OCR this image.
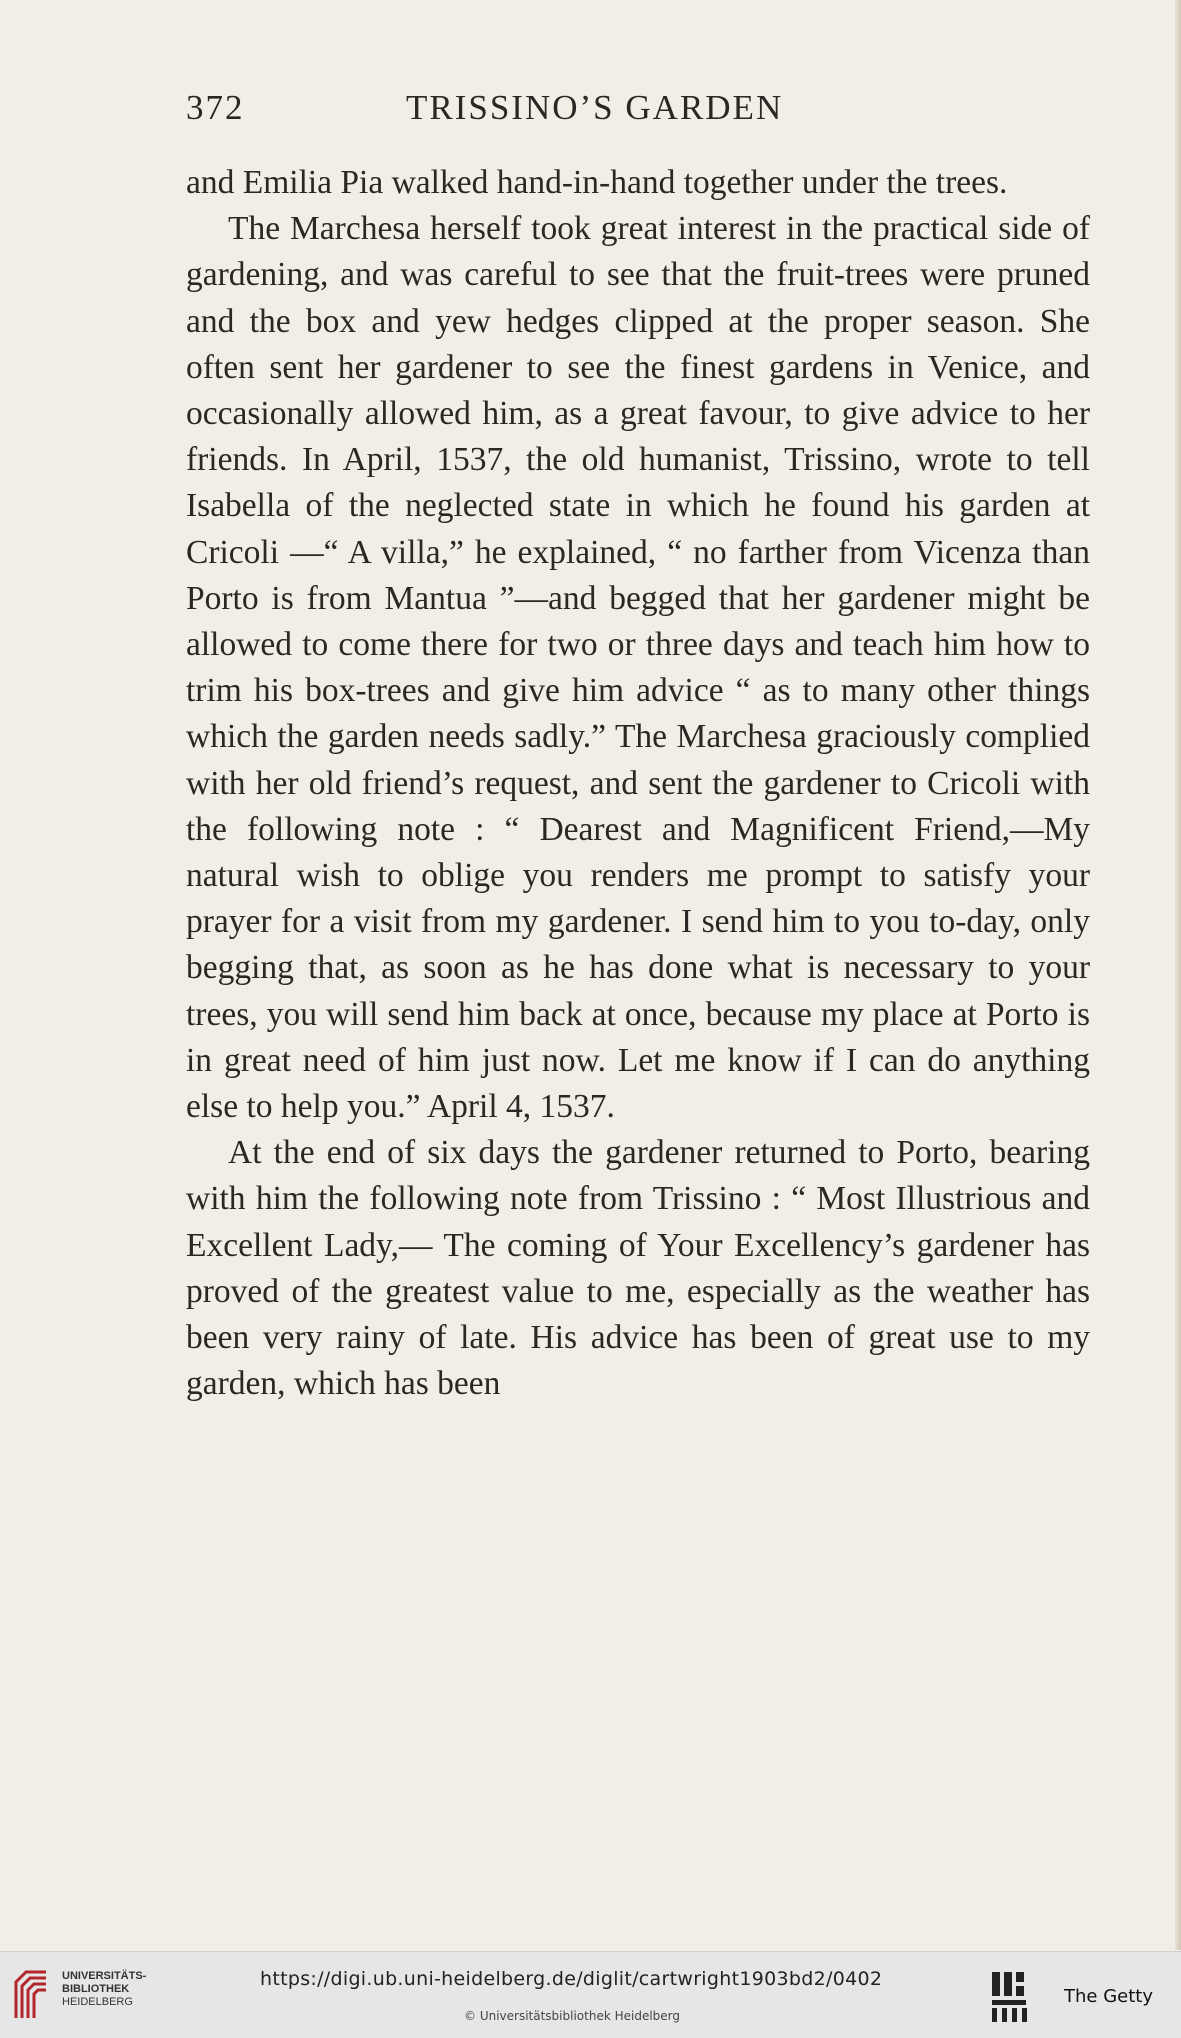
372	TRISSINO’S GARDEN

and Emilia Pia walked hand-in-hand together under the trees.

The Marchesa herself took great interest in the practical side of gardening, and was careful to see that the fruit-trees were pruned and the box and yew hedges clipped at the proper season. She often sent her gardener to see the finest gardens in Venice, and occasionally allowed him, as a great favour, to give advice to her friends. In April, 1537, the old humanist, Trissino, wrote to tell Isabella of the neglected state in which he found his garden at Cricoli —“ A villa,” he explained, “ no farther from Vicenza than Porto is from Mantua ”—and begged that her gardener might be allowed to come there for two or three days and teach him how to trim his box-trees and give him advice “ as to many other things which the garden needs sadly.” The Marchesa graciously complied with her old friend’s request, and sent the gardener to Cricoli with the following note : “ Dearest and Magnificent Friend,—My natural wish to oblige you renders me prompt to satisfy your prayer for a visit from my gardener. I send him to you to-day, only begging that, as soon as he has done what is necessary to your trees, you will send him back at once, because my place at Porto is in great need of him just now. Let me know if I can do anything else to help you.” April 4, 1537.

At the end of six days the gardener returned to Porto, bearing with him the following note from Trissino : “ Most Illustrious and Excellent Lady,— The coming of Your Excellency’s gardener has proved of the greatest value to me, especially as the weather has been very rainy of late. His advice has been of great use to my garden, which has been

UNIVERSITÄTS-
BIBLIOTHEK
HEIDELBERG
https://digi.ub.uni-heidelberg.de/diglit/cartwright1903bd2/0402
© Universitätsbibliothek Heidelberg
The Getty
